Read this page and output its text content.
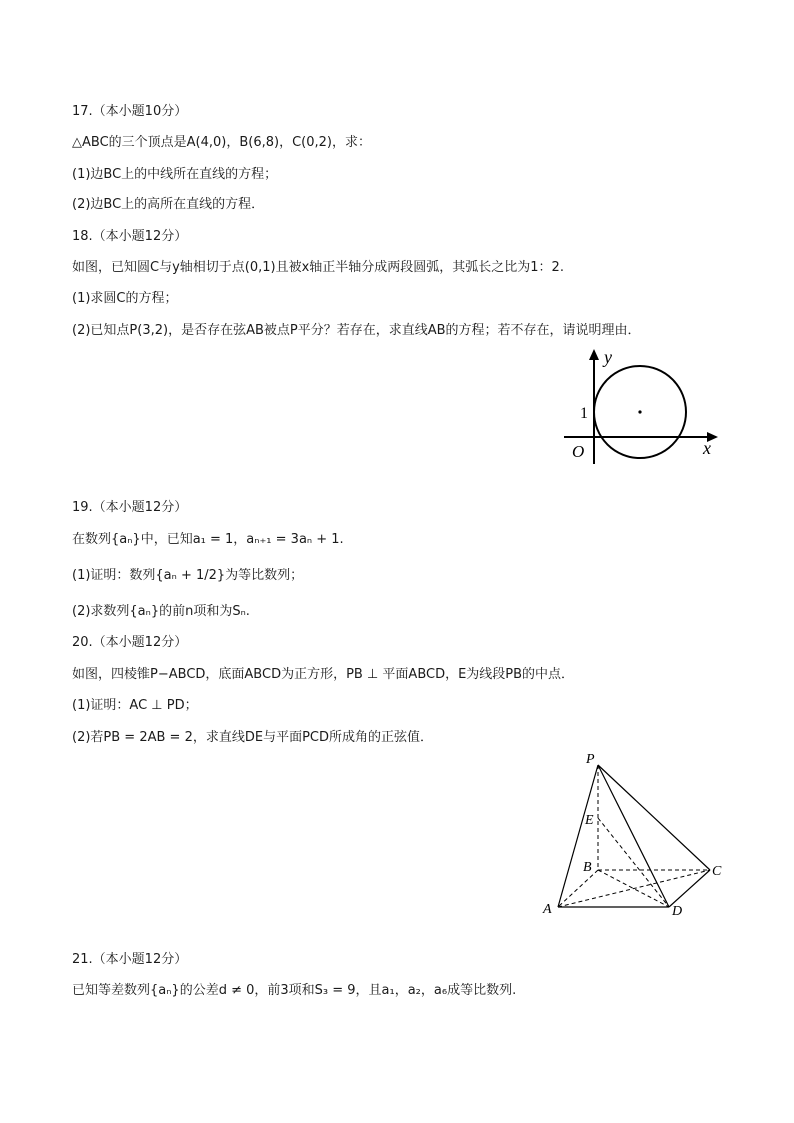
17.（本小题10分）
△ABC的三个顶点是A(4,0)，B(6,8)，C(0,2)，求：
(1)边BC上的中线所在直线的方程；
(2)边BC上的高所在直线的方程．
18.（本小题12分）
如图，已知圆C与y轴相切于点(0,1)且被x轴正半轴分成两段圆弧，其弧长之比为1：2.
(1)求圆C的方程；
(2)已知点P(3,2)，是否存在弦AB被点P平分？若存在，求直线AB的方程；若不存在，请说明理由．
y
x
O
1
19.（本小题12分）
在数列{aₙ}中，已知a₁ = 1，aₙ₊₁ = 3aₙ + 1.
(1)证明：数列{aₙ + 1/2}为等比数列；
(2)求数列{aₙ}的前n项和为Sₙ.
20.（本小题12分）
如图，四棱锥P−ABCD，底面ABCD为正方形，PB ⊥ 平面ABCD，E为线段PB的中点．
(1)证明：AC ⊥ PD；
(2)若PB = 2AB = 2，求直线DE与平面PCD所成角的正弦值．
P
E
B	C
A	D
21.（本小题12分）
已知等差数列{aₙ}的公差d ≠ 0，前3项和S₃ = 9，且a₁，a₂，a₆成等比数列.
